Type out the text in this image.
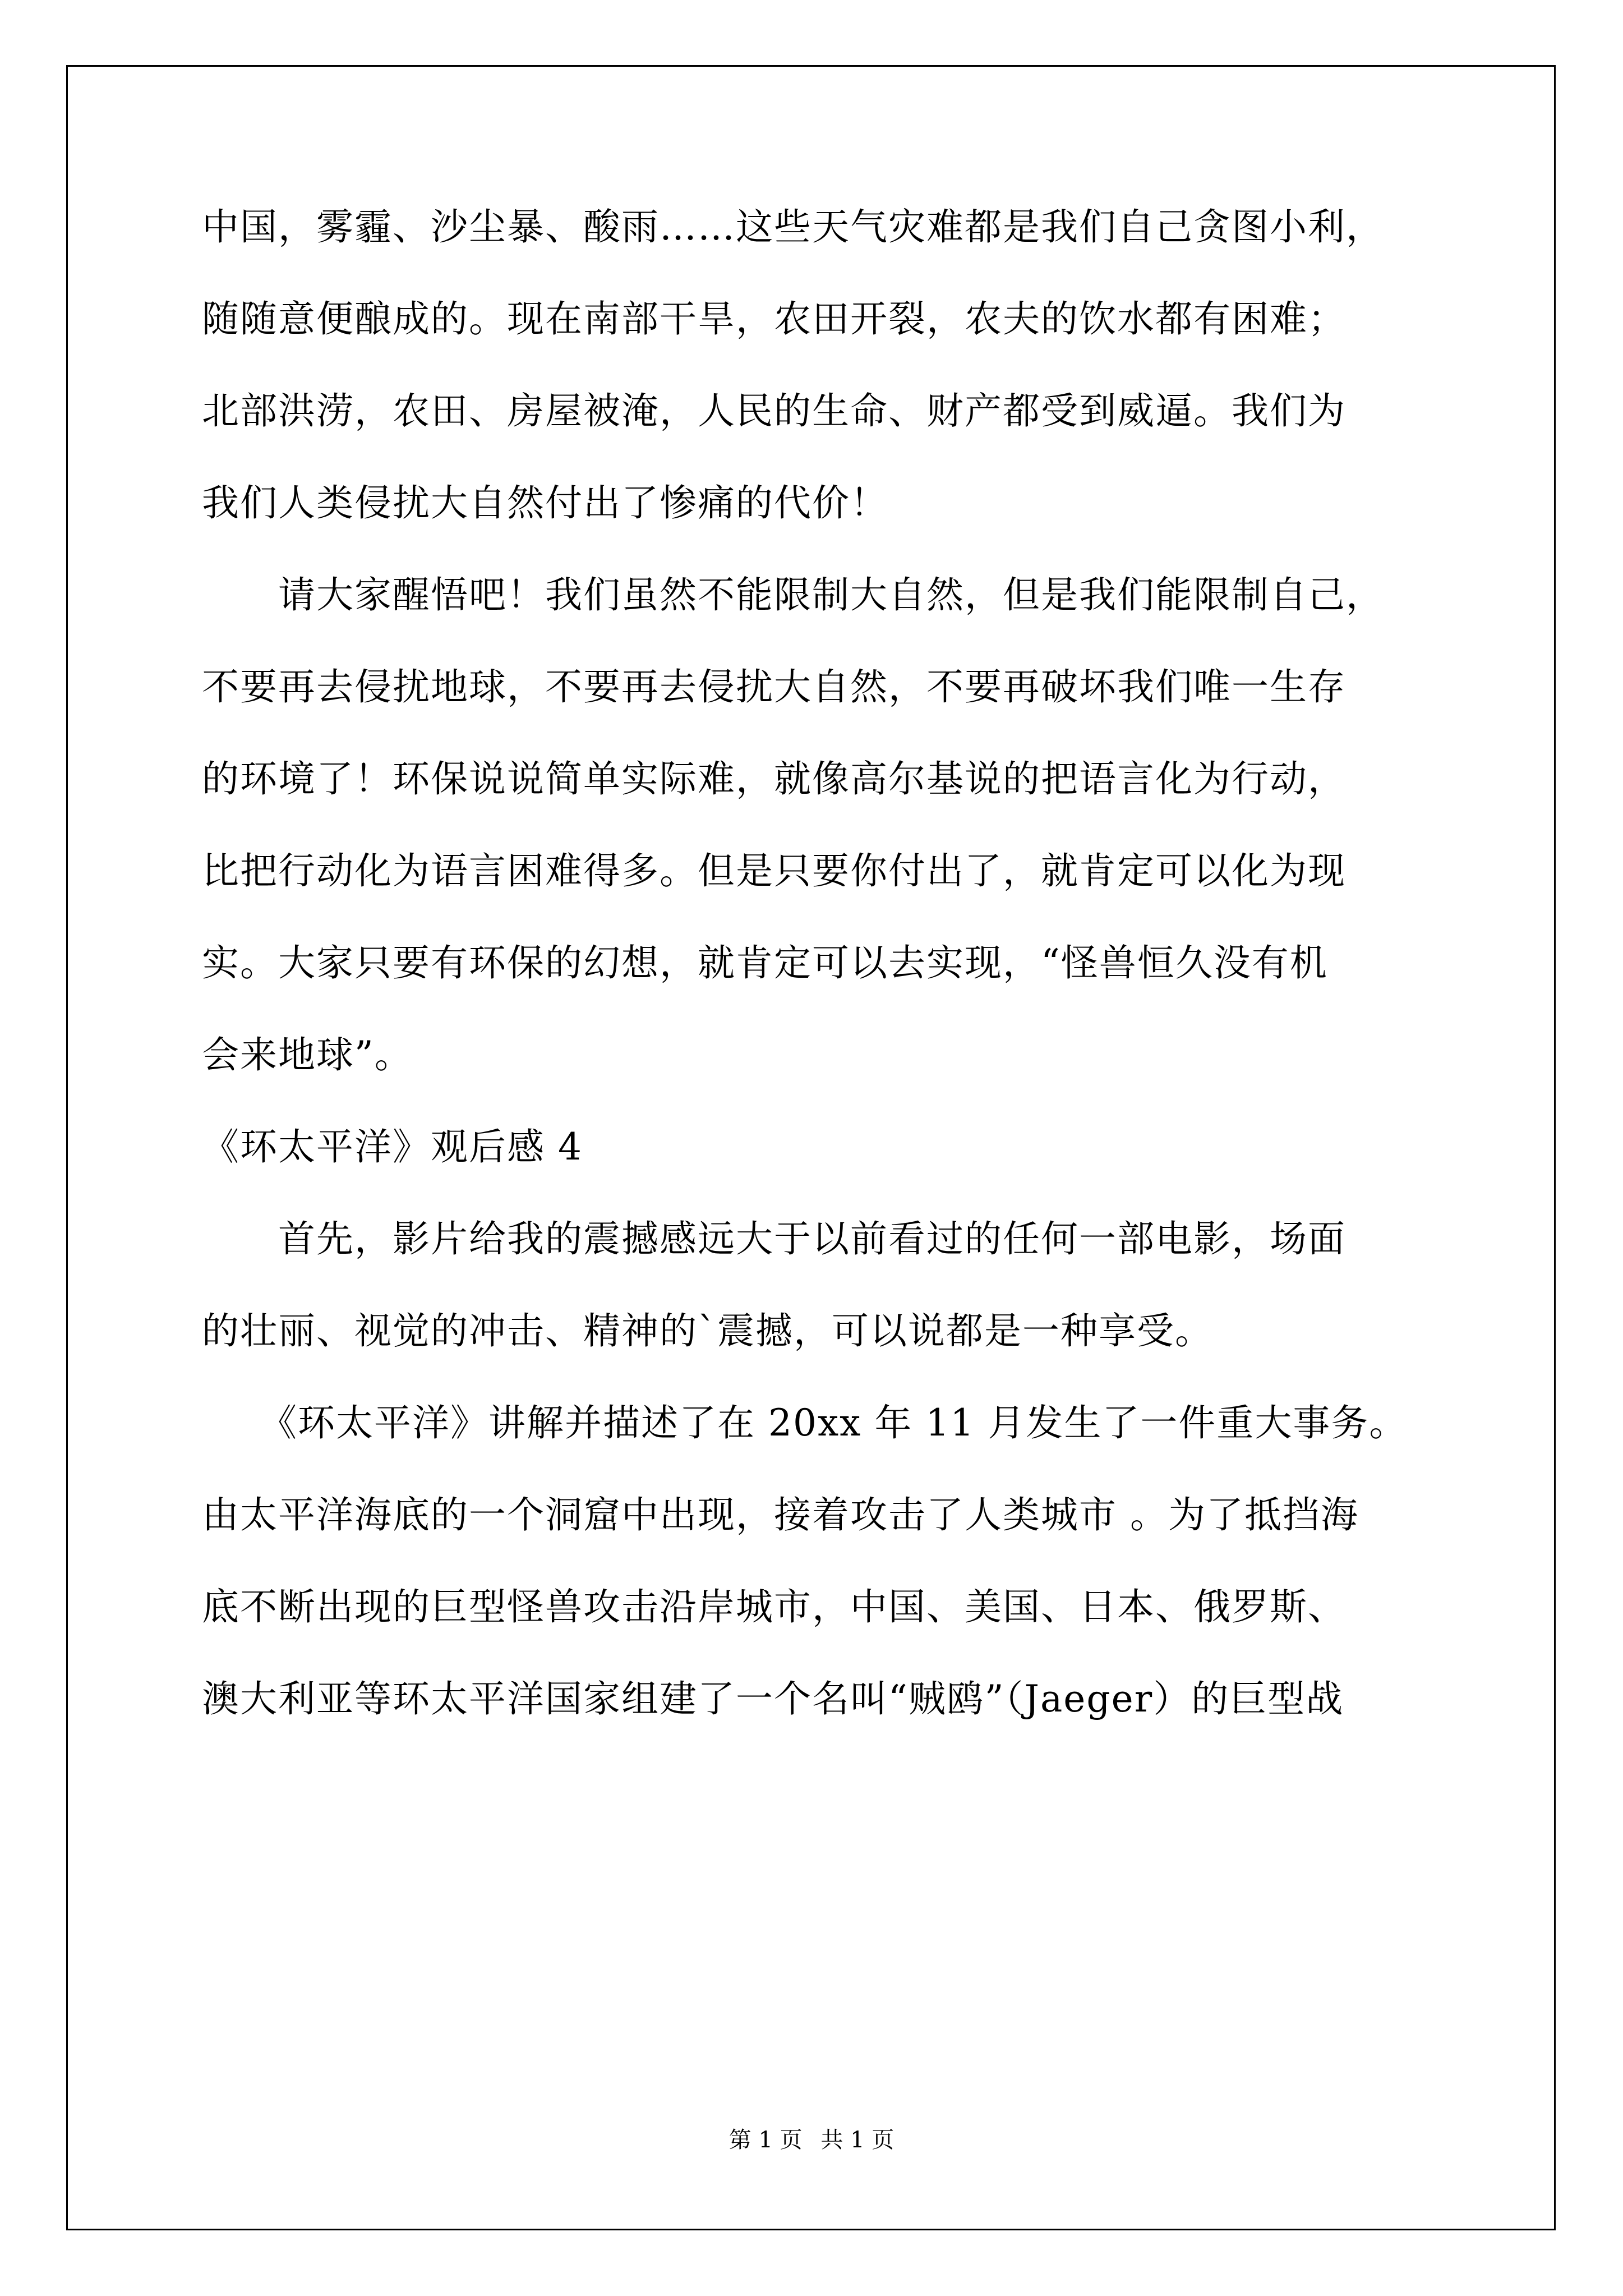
中国，雾霾、沙尘暴、酸雨……这些天气灾难都是我们自己贪图小利，
随随意便酿成的。现在南部干旱，农田开裂，农夫的饮水都有困难；
北部洪涝，农田、房屋被淹，人民的生命、财产都受到威逼。我们为
我们人类侵扰大自然付出了惨痛的代价！
　　请大家醒悟吧！我们虽然不能限制大自然，但是我们能限制自己，
不要再去侵扰地球，不要再去侵扰大自然，不要再破坏我们唯一生存
的环境了！环保说说简单实际难，就像高尔基说的把语言化为行动，
比把行动化为语言困难得多。但是只要你付出了，就肯定可以化为现
实。大家只要有环保的幻想，就肯定可以去实现，“怪兽恒久没有机
会来地球”。
《环太平洋》观后感 4
　　首先，影片给我的震撼感远大于以前看过的任何一部电影，场面
的壮丽、视觉的冲击、精神的`震撼，可以说都是一种享受。
　　《环太平洋》讲解并描述了在 20xx 年 11 月发生了一件重大事务。
由太平洋海底的一个洞窟中出现，接着攻击了人类城市 。为了抵挡海
底不断出现的巨型怪兽攻击沿岸城市，中国、美国、日本、俄罗斯、
澳大利亚等环太平洋国家组建了一个名叫“贼鸥”（Jaeger）的巨型战
第 1 页 共 1 页
